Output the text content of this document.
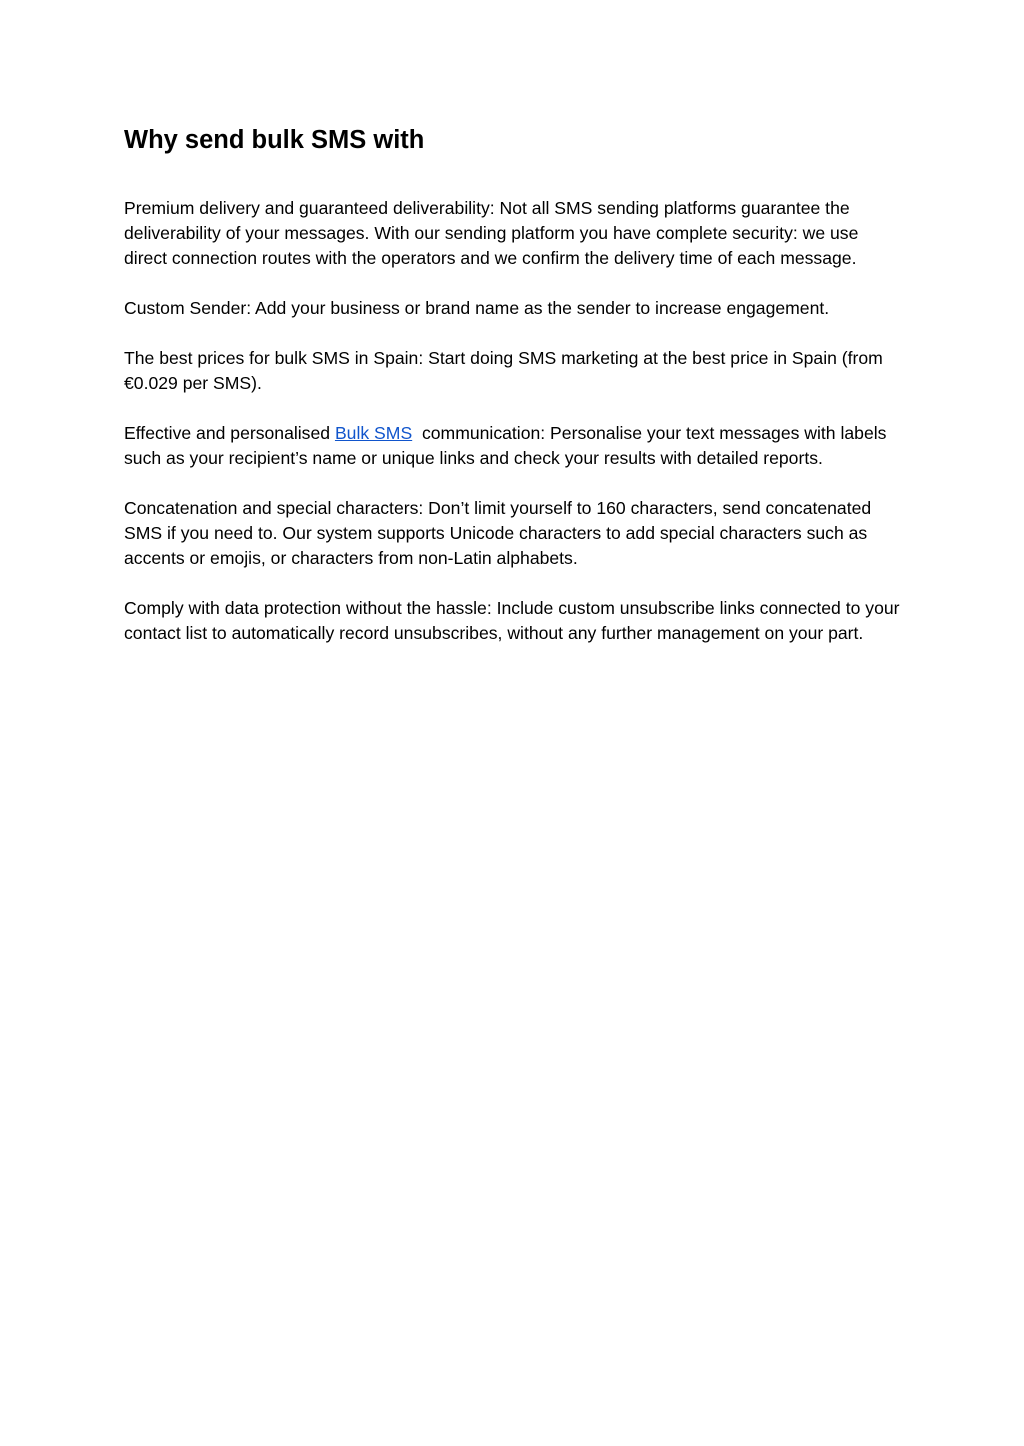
Why send bulk SMS with

Premium delivery and guaranteed deliverability: Not all SMS sending platforms guarantee the deliverability of your messages. With our sending platform you have complete security: we use direct connection routes with the operators and we confirm the delivery time of each message.

Custom Sender: Add your business or brand name as the sender to increase engagement.

The best prices for bulk SMS in Spain: Start doing SMS marketing at the best price in Spain (from €0.029 per SMS).

Effective and personalised Bulk SMS  communication: Personalise your text messages with labels such as your recipient’s name or unique links and check your results with detailed reports.

Concatenation and special characters: Don’t limit yourself to 160 characters, send concatenated SMS if you need to. Our system supports Unicode characters to add special characters such as accents or emojis, or characters from non-Latin alphabets.

Comply with data protection without the hassle: Include custom unsubscribe links connected to your contact list to automatically record unsubscribes, without any further management on your part.
